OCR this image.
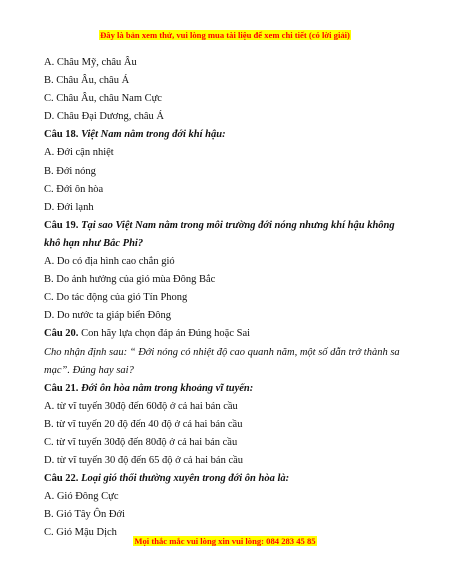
Đây là bản xem thử, vui lòng mua tài liệu để xem chi tiết (có lời giải)
A. Châu Mỹ, châu Âu
B. Châu Âu, châu Á
C. Châu Âu, châu Nam Cực
D. Châu Đại Dương, châu Á
Câu 18. Việt Nam nằm trong đới khí hậu:
A. Đới cận nhiệt
B. Đới nóng
C. Đới ôn hòa
D. Đới lạnh
Câu 19. Tại sao Việt Nam nằm trong môi trường đới nóng nhưng khí hậu không
khô hạn như Bắc Phi?
A. Do có địa hình cao chắn gió
B. Do ảnh hưởng của gió mùa Đông Bắc
C. Do tác động của gió Tín Phong
D. Do nước ta giáp biển Đông
Câu 20. Con hãy lựa chọn đáp án Đúng hoặc Sai
Cho nhận định sau: “ Đới nóng có nhiệt độ cao quanh năm, một số dẫn trở thành sa
mạc”. Đúng hay sai?
Câu 21. Đới ôn hòa nằm trong khoảng vĩ tuyến:
A. từ vĩ tuyến 30độ đến 60độ ở cả hai bán cầu
B. từ vĩ tuyến 20 độ đến 40 độ ở cả hai bán cầu
C. từ vĩ tuyến 30độ đến 80độ ở cả hai bán cầu
D. từ vĩ tuyến 30 độ đến 65 độ ở cả hai bán cầu
Câu 22. Loại gió thổi thường xuyên trong đới ôn hòa là:
A. Gió Đông Cực
B. Gió Tây Ôn Đới
C. Gió Mậu Dịch
Mọi thắc mắc vui lòng xin vui lòng: 084 283 45 85
